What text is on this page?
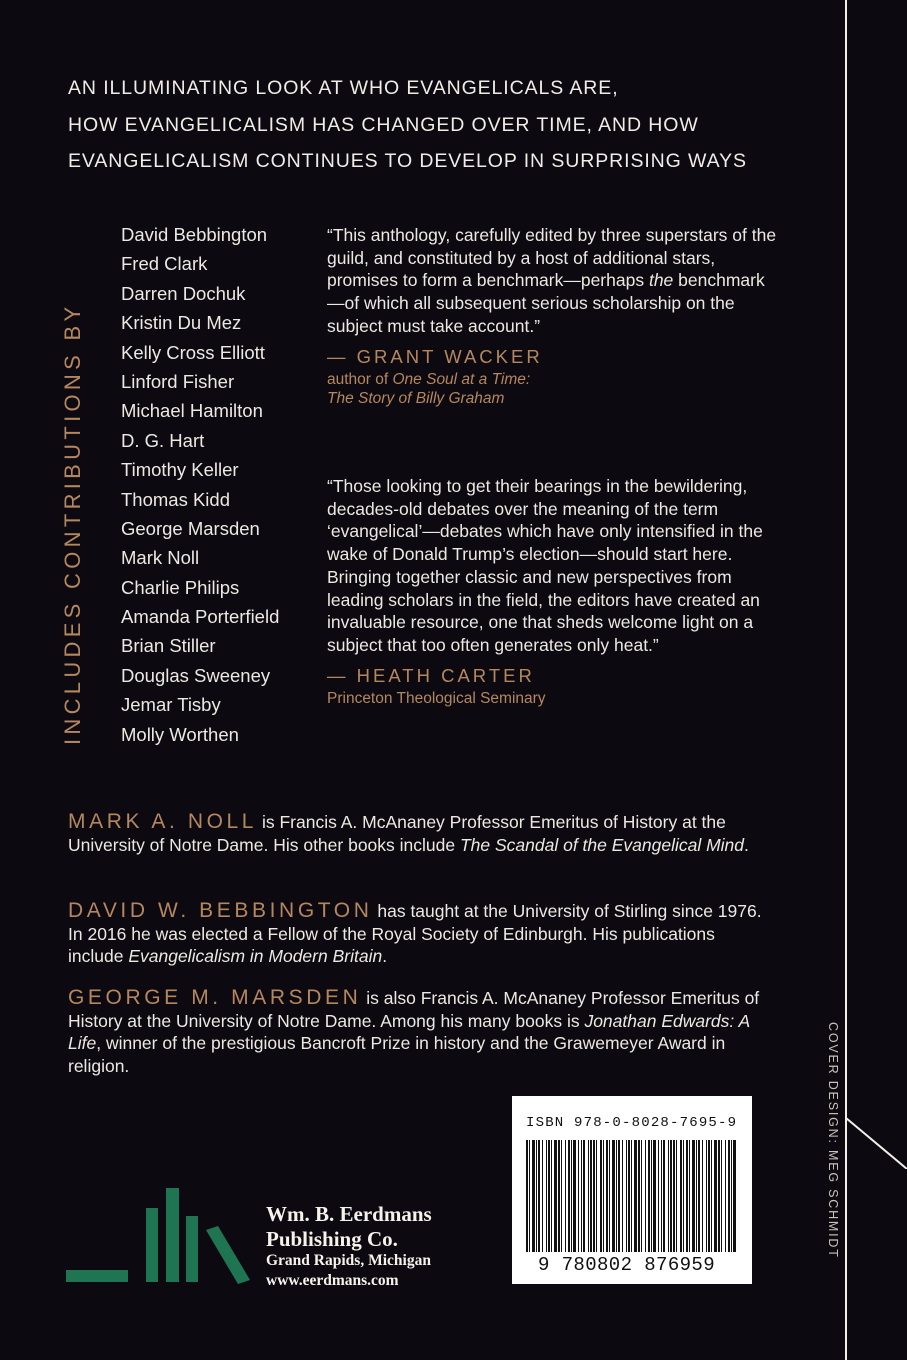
AN ILLUMINATING LOOK AT WHO EVANGELICALS ARE,
HOW EVANGELICALISM HAS CHANGED OVER TIME, AND HOW
EVANGELICALISM CONTINUES TO DEVELOP IN SURPRISING WAYS
INCLUDES CONTRIBUTIONS BY
David Bebbington
Fred Clark
Darren Dochuk
Kristin Du Mez
Kelly Cross Elliott
Linford Fisher
Michael Hamilton
D. G. Hart
Timothy Keller
Thomas Kidd
George Marsden
Mark Noll
Charlie Philips
Amanda Porterfield
Brian Stiller
Douglas Sweeney
Jemar Tisby
Molly Worthen
“This anthology, carefully edited by three superstars of the guild, and constituted by a host of additional stars, promises to form a benchmark—perhaps the benchmark—of which all subsequent serious scholarship on the subject must take account.”
— GRANT WACKER
author of One Soul at a Time:
The Story of Billy Graham
“Those looking to get their bearings in the bewildering, decades-old debates over the meaning of the term ‘evangelical’—debates which have only intensified in the wake of Donald Trump’s election—should start here. Bringing together classic and new perspectives from leading scholars in the field, the editors have created an invaluable resource, one that sheds welcome light on a subject that too often generates only heat.”
— HEATH CARTER
Princeton Theological Seminary
MARK A. NOLL is Francis A. McAnaney Professor Emeritus of History at the University of Notre Dame. His other books include The Scandal of the Evangelical Mind.
DAVID W. BEBBINGTON has taught at the University of Stirling since 1976. In 2016 he was elected a Fellow of the Royal Society of Edinburgh. His publications include Evangelicalism in Modern Britain.
GEORGE M. MARSDEN is also Francis A. McAnaney Professor Emeritus of History at the University of Notre Dame. Among his many books is Jonathan Edwards: A Life, winner of the prestigious Bancroft Prize in history and the Grawemeyer Award in religion.	COVER DESIGN: MEG SCHMIDT
ISBN 978-0-8028-7695-9
9 780802 876959
Wm. B. Eerdmans
Publishing Co.
Grand Rapids, Michigan
www.eerdmans.com
